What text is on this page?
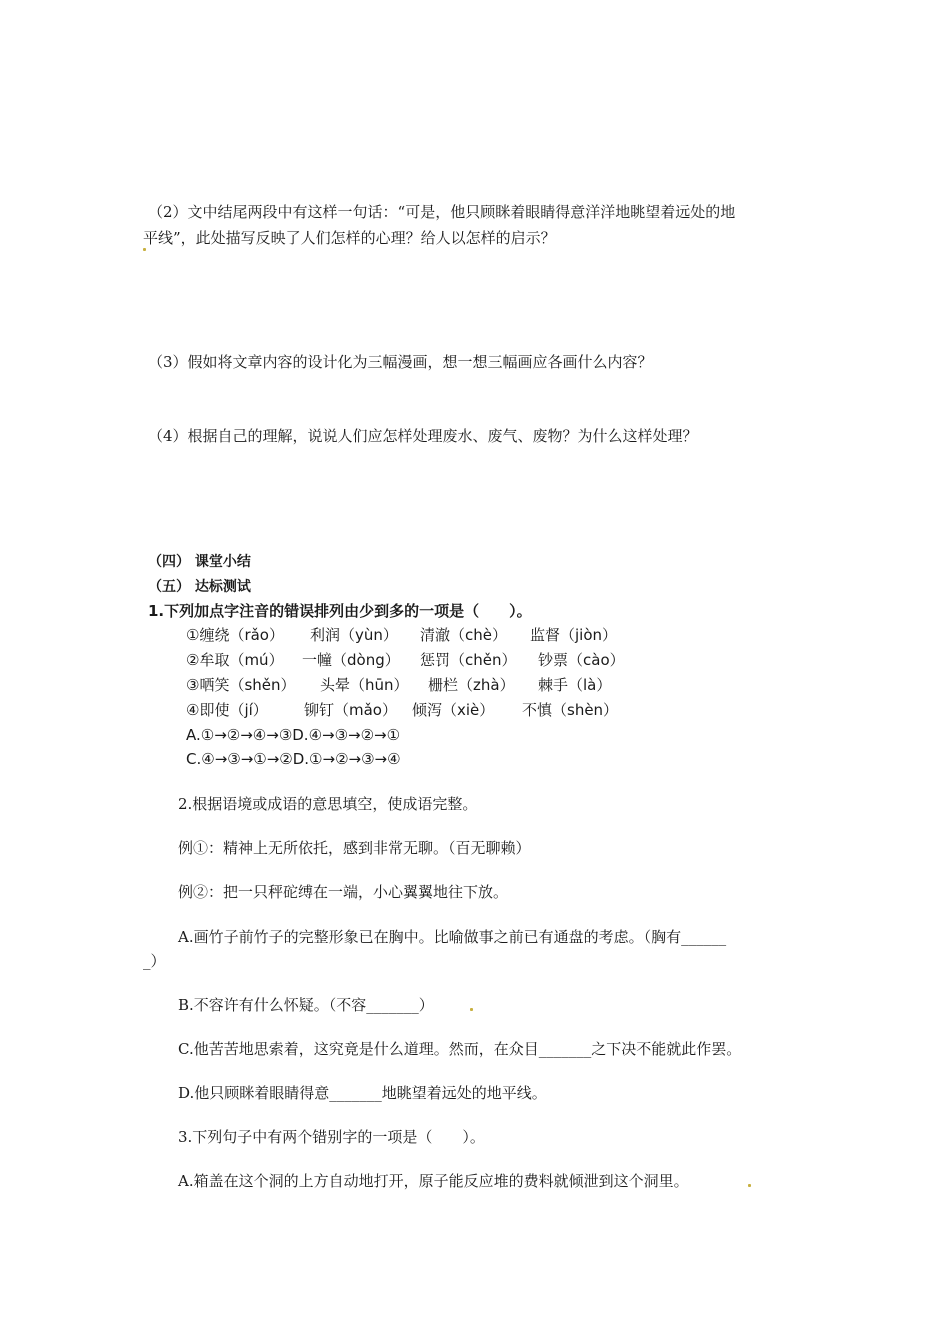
（2）文中结尾两段中有这样一句话：“可是，他只顾眯着眼睛得意洋洋地眺望着远处的地
平线”，此处描写反映了人们怎样的心理？给人以怎样的启示？
（3）假如将文章内容的设计化为三幅漫画，想一想三幅画应各画什么内容？
（4）根据自己的理解，说说人们应怎样处理废水、废气、废物？为什么这样处理？
（四） 课堂小结
（五） 达标测试
1.下列加点字注音的错误排列由少到多的一项是（　　）。
①缠绕（rǎo） 利润（yùn） 清澈（chè） 监督（jiòn）
②牟取（mú） 一幢（dòng） 惩罚（chěn） 钞票（cào）
③哂笑（shěn） 头晕（hūn） 栅栏（zhà） 棘手（là）
④即使（jí） 铆钉（mǎo） 倾泻（xiè） 不慎（shèn）
A.①→②→④→③D.④→③→②→①
C.④→③→①→②D.①→②→③→④
2.根据语境或成语的意思填空，使成语完整。
例①：精神上无所依托，感到非常无聊。（百无聊赖）
例②：把一只秤砣缚在一端，小心翼翼地往下放。
A.画竹子前竹子的完整形象已在胸中。比喻做事之前已有通盘的考虑。（胸有______
_）
B.不容许有什么怀疑。（不容_______）
C.他苦苦地思索着，这究竟是什么道理。然而，在众目_______之下决不能就此作罢。
D.他只顾眯着眼睛得意_______地眺望着远处的地平线。
3.下列句子中有两个错别字的一项是（　　）。
A.箱盖在这个洞的上方自动地打开，原子能反应堆的费料就倾泄到这个洞里。
